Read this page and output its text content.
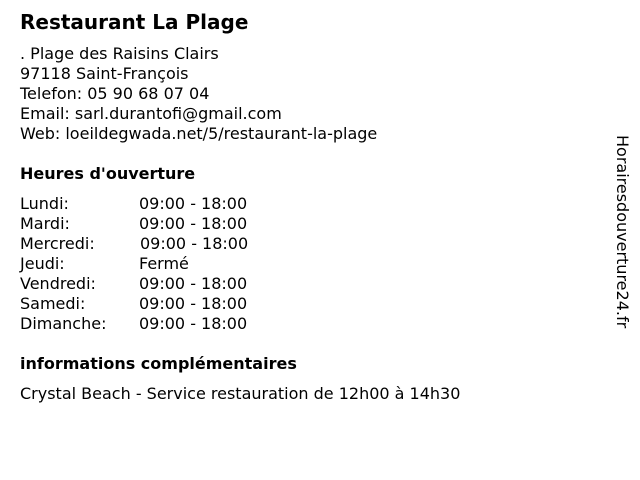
Restaurant La Plage
. Plage des Raisins Clairs
97118 Saint-François
Telefon: 05 90 68 07 04
Email: sarl.durantofi@gmail.com
Web: loeildegwada.net/5/restaurant-la-plage
Heures d'ouverture
Lundi:	09:00 - 18:00
Mardi:	09:00 - 18:00
Mercredi:	09:00 - 18:00
Jeudi:	Fermé
Vendredi:	09:00 - 18:00
Samedi:	09:00 - 18:00
Dimanche: 09:00 - 18:00
informations complémentaires
Crystal Beach - Service restauration de 12h00 à 14h30
Horairesdouverture24.fr
